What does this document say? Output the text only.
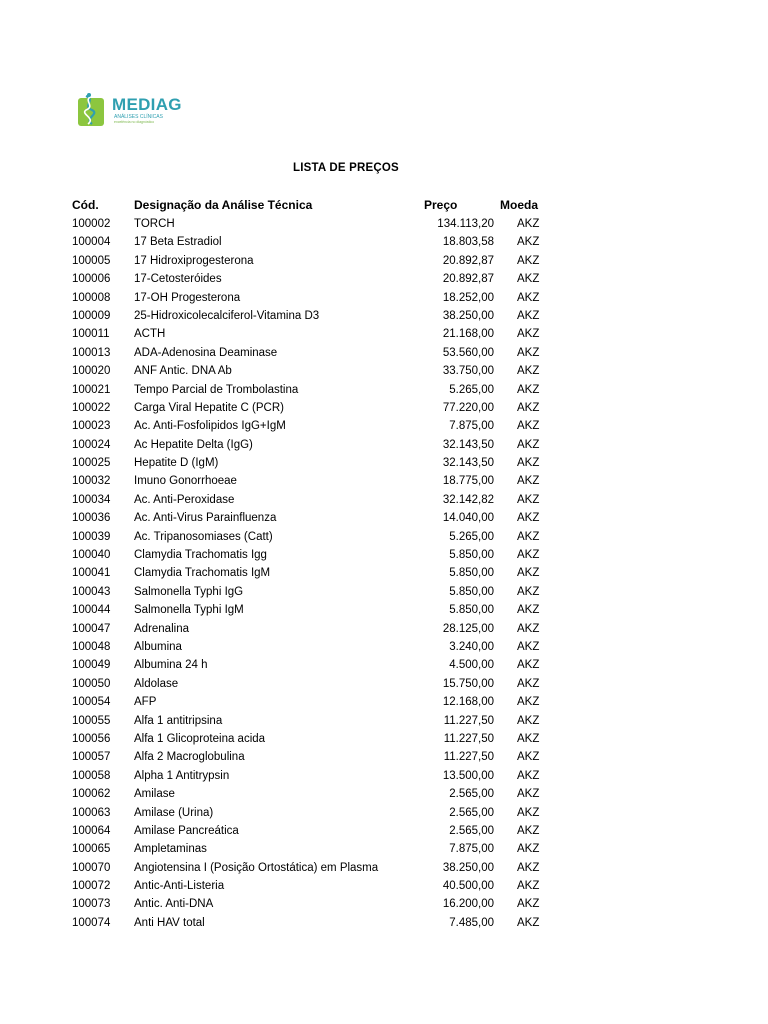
MEDIAG
ANÁLISES CLÍNICAS
excelência no diagnóstico
LISTA DE PREÇOS
Cód.	Designação da Análise Técnica	Preço	Moeda
100002 TORCH	134.113,20 AKZ
100004 17 Beta Estradiol	18.803,58 AKZ
100005 17 Hidroxiprogesterona	20.892,87 AKZ
100006 17-Cetosteróides	20.892,87 AKZ
100008 17-OH Progesterona	18.252,00 AKZ
100009 25-Hidroxicolecalciferol-Vitamina D3	38.250,00 AKZ
100011 ACTH	21.168,00 AKZ
100013 ADA-Adenosina Deaminase	53.560,00 AKZ
100020 ANF Antic. DNA Ab	33.750,00 AKZ
100021 Tempo Parcial de Trombolastina	5.265,00 AKZ
100022 Carga Viral Hepatite C (PCR)	77.220,00 AKZ
100023 Ac. Anti-Fosfolipidos IgG+IgM	7.875,00 AKZ
100024 Ac Hepatite Delta (IgG)	32.143,50 AKZ
100025 Hepatite D (IgM)	32.143,50 AKZ
100032 Imuno Gonorrhoeae	18.775,00 AKZ
100034 Ac. Anti-Peroxidase	32.142,82 AKZ
100036 Ac. Anti-Virus Parainfluenza	14.040,00 AKZ
100039 Ac. Tripanosomiases (Catt)	5.265,00 AKZ
100040 Clamydia Trachomatis Igg	5.850,00 AKZ
100041 Clamydia Trachomatis IgM	5.850,00 AKZ
100043 Salmonella Typhi IgG	5.850,00 AKZ
100044 Salmonella Typhi IgM	5.850,00 AKZ
100047 Adrenalina	28.125,00 AKZ
100048 Albumina	3.240,00 AKZ
100049 Albumina 24 h	4.500,00 AKZ
100050 Aldolase	15.750,00 AKZ
100054 AFP	12.168,00 AKZ
100055 Alfa 1 antitripsina	11.227,50 AKZ
100056 Alfa 1 Glicoproteina acida	11.227,50 AKZ
100057 Alfa 2 Macroglobulina	11.227,50 AKZ
100058 Alpha 1 Antitrypsin	13.500,00 AKZ
100062 Amilase	2.565,00 AKZ
100063 Amilase (Urina)	2.565,00 AKZ
100064 Amilase Pancreática	2.565,00 AKZ
100065 Ampletaminas	7.875,00 AKZ
100070 Angiotensina I (Posição Ortostática) em Plasma	38.250,00 AKZ
100072 Antic-Anti-Listeria	40.500,00 AKZ
100073 Antic. Anti-DNA	16.200,00 AKZ
100074 Anti HAV total	7.485,00 AKZ
